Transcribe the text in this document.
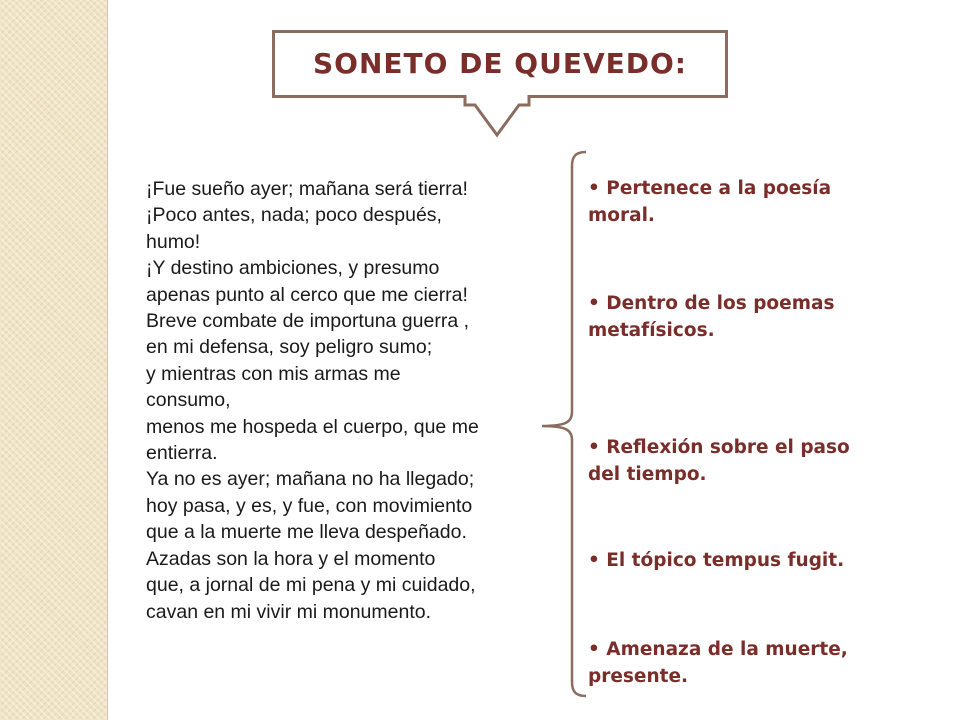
SONETO DE QUEVEDO:
¡Fue sueño ayer; mañana será tierra!
¡Poco antes, nada; poco después,
humo!
¡Y destino ambiciones, y presumo
apenas punto al cerco que me cierra!
Breve combate de importuna guerra ,
en mi defensa, soy peligro sumo;
y mientras con mis armas me
consumo,
menos me hospeda el cuerpo, que me
entierra.
Ya no es ayer; mañana no ha llegado;
hoy pasa, y es, y fue, con movimiento
que a la muerte me lleva despeñado.
Azadas son la hora y el momento
que, a jornal de mi pena y mi cuidado,
cavan en mi vivir mi monumento.
• Pertenece a la poesía moral.
• Dentro de los poemas metafísicos.
• Reflexión sobre el paso del tiempo.
• El tópico tempus fugit.
• Amenaza de la muerte, presente.
